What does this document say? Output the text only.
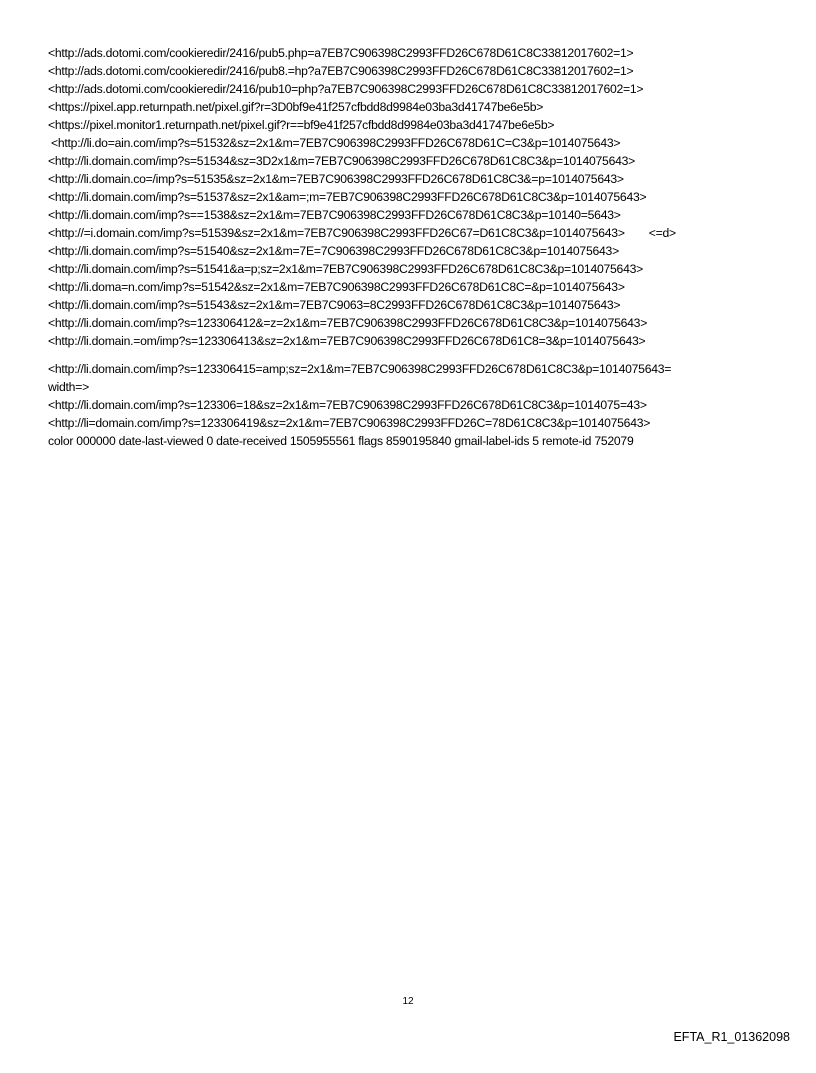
<http://ads.dotomi.com/cookieredir/2416/pub5.php=a7EB7C906398C2993FFD26C678D61C8C33812017602=1>
<http://ads.dotomi.com/cookieredir/2416/pub8.=hp?a7EB7C906398C2993FFD26C678D61C8C33812017602=1>
<http://ads.dotomi.com/cookieredir/2416/pub10=php?a7EB7C906398C2993FFD26C678D61C8C33812017602=1>
<https://pixel.app.returnpath.net/pixel.gif?r=3D0bf9e41f257cfbdd8d9984e03ba3d41747be6e5b>
<https://pixel.monitor1.returnpath.net/pixel.gif?r==bf9e41f257cfbdd8d9984e03ba3d41747be6e5b>
<http://li.do=ain.com/imp?s=51532&sz=2x1&m=7EB7C906398C2993FFD26C678D61C=C3&p=1014075643>
<http://li.domain.com/imp?s=51534&sz=3D2x1&m=7EB7C906398C2993FFD26C678D61C8C3&p=1014075643>
<http://li.domain.co=/imp?s=51535&sz=2x1&m=7EB7C906398C2993FFD26C678D61C8C3&=p=1014075643>
<http://li.domain.com/imp?s=51537&sz=2x1&am=;m=7EB7C906398C2993FFD26C678D61C8C3&p=1014075643>
<http://li.domain.com/imp?s==1538&sz=2x1&m=7EB7C906398C2993FFD26C678D61C8C3&p=10140=5643>
<http://=i.domain.com/imp?s=51539&sz=2x1&m=7EB7C906398C2993FFD26C67=D61C8C3&p=1014075643> <=d>
<http://li.domain.com/imp?s=51540&sz=2x1&m=7E=7C906398C2993FFD26C678D61C8C3&p=1014075643>
<http://li.domain.com/imp?s=51541&a=p;sz=2x1&m=7EB7C906398C2993FFD26C678D61C8C3&p=1014075643>
<http://li.doma=n.com/imp?s=51542&sz=2x1&m=7EB7C906398C2993FFD26C678D61C8C=&p=1014075643>
<http://li.domain.com/imp?s=51543&sz=2x1&m=7EB7C9063=8C2993FFD26C678D61C8C3&p=1014075643>
<http://li.domain.com/imp?s=123306412&=z=2x1&m=7EB7C906398C2993FFD26C678D61C8C3&p=1014075643>
<http://li.domain.=om/imp?s=123306413&sz=2x1&m=7EB7C906398C2993FFD26C678D61C8=3&p=1014075643>
<http://li.domain.com/imp?s=123306415=amp;sz=2x1&m=7EB7C906398C2993FFD26C678D61C8C3&p=1014075643=
width=>
<http://li.domain.com/imp?s=123306=18&sz=2x1&m=7EB7C906398C2993FFD26C678D61C8C3&p=1014075=43>
<http://li=domain.com/imp?s=123306419&sz=2x1&m=7EB7C906398C2993FFD26C=78D61C8C3&p=1014075643>
color 000000 date-last-viewed 0 date-received 1505955561 flags 8590195840 gmail-label-ids 5 remote-id 752079
12
EFTA_R1_01362098
